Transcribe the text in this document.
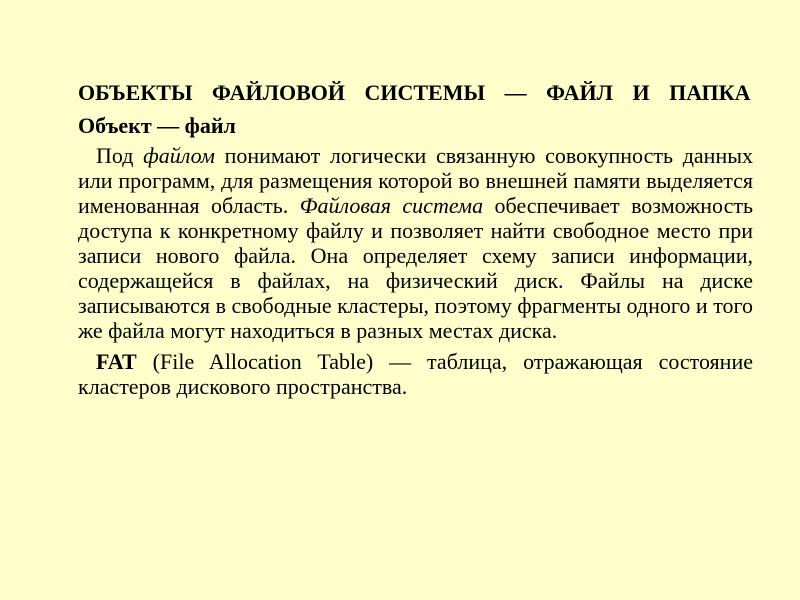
ОБЪЕКТЫ ФАЙЛОВОЙ СИСТЕМЫ — ФАЙЛ И ПАПКА
Объект — файл

Под файлом понимают логически связанную совокупность данных или программ, для размещения которой во внешней памяти выделяется именованная область. Файловая система обеспечивает возможность доступа к конкретному файлу и позволяет найти свободное место при записи нового файла. Она определяет схему записи информации, содержащейся в файлах, на физический диск. Файлы на диске записываются в свободные кластеры, поэтому фрагменты одного и того же файла могут находиться в разных местах диска.

FAT (File Allocation Table) — таблица, отражающая состояние кластеров дискового пространства.
